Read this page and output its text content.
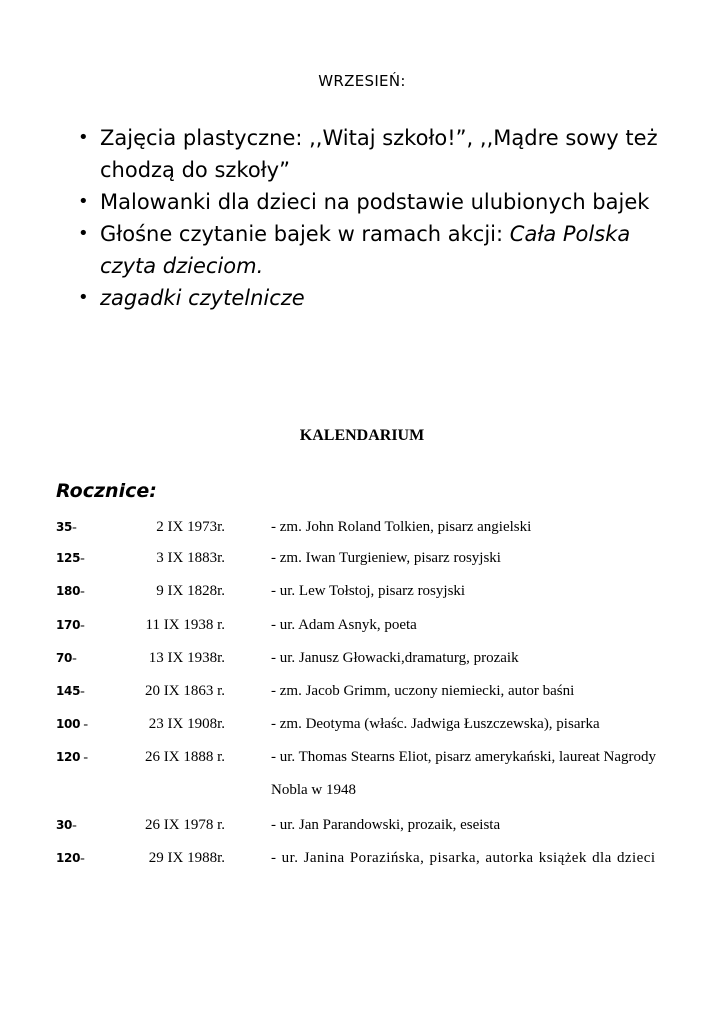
WRZESIEŃ:
• Zajęcia plastyczne: ,,Witaj szkoło!”, ,,Mądre sowy też
chodzą do szkoły”
• Malowanki dla dzieci na podstawie ulubionych bajek
• Głośne czytanie bajek w ramach akcji: Cała Polska
czyta dzieciom.
• zagadki czytelnicze
KALENDARIUM
Rocznice:
35-	2 IX 1973r.	- zm. John Roland Tolkien, pisarz angielski
125-	3 IX 1883r.	- zm. Iwan Turgieniew, pisarz rosyjski
180-	9 IX 1828r.	- ur. Lew Tołstoj, pisarz rosyjski
170-	11 IX 1938 r.	- ur. Adam Asnyk, poeta
70-	13 IX 1938r.	- ur. Janusz Głowacki,dramaturg, prozaik
145-	20 IX 1863 r.	- zm. Jacob Grimm, uczony niemiecki, autor baśni
100 -	23 IX 1908r.	- zm. Deotyma (właśc. Jadwiga Łuszczewska), pisarka
120 -	26 IX 1888 r.	- ur. Thomas Stearns Eliot, pisarz amerykański, laureat Nagrody
Nobla w 1948
30-	26 IX 1978 r.	- ur. Jan Parandowski, prozaik, eseista
120-	29 IX 1988r.	- ur. Janina Porazińska, pisarka, autorka książek dla dzieci
